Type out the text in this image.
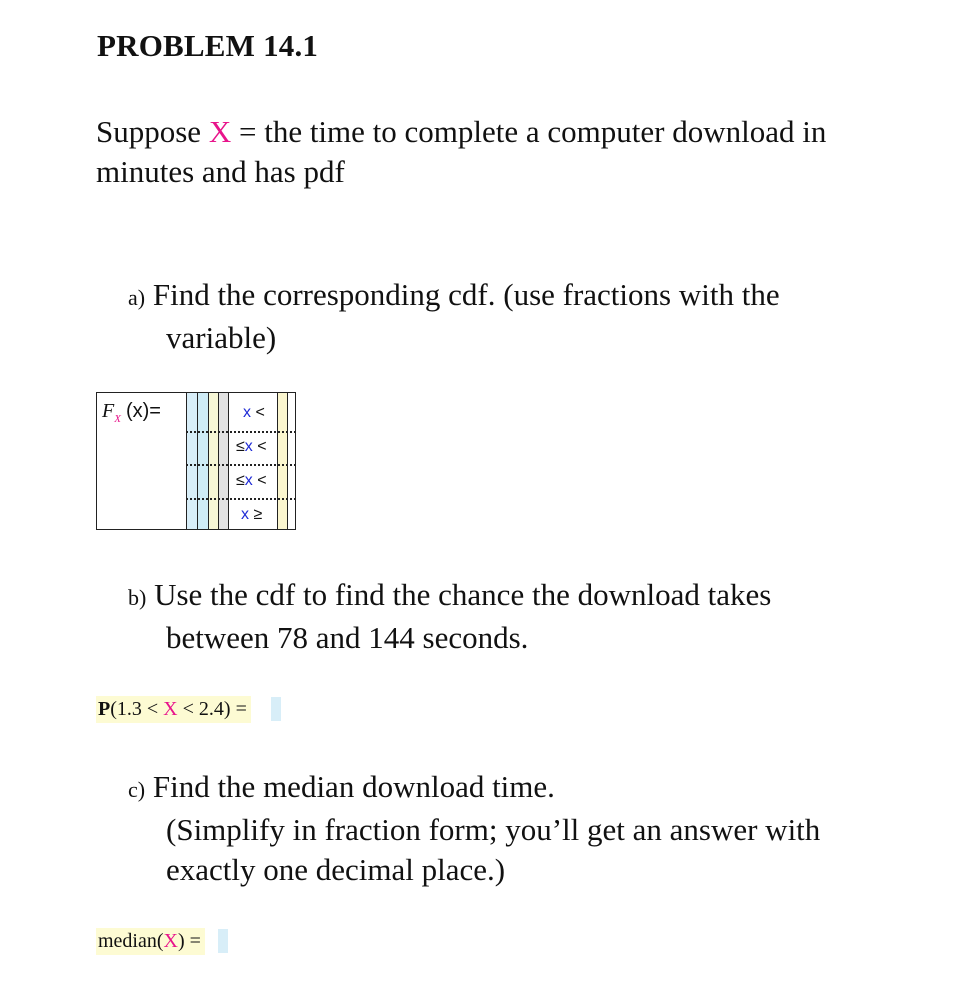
PROBLEM 14.1
Suppose X = the time to complete a computer download in
minutes and has pdf
a) Find the corresponding cdf. (use fractions with the
variable)
$F_X$ (x)=	x <
≤x <
≤x <
x ≥
b) Use the cdf to find the chance the download takes
between 78 and 144 seconds.
P(1.3 < X < 2.4) =
c) Find the median download time.
(Simplify in fraction form; you’ll get an answer with
exactly one decimal place.)
median(X) =
